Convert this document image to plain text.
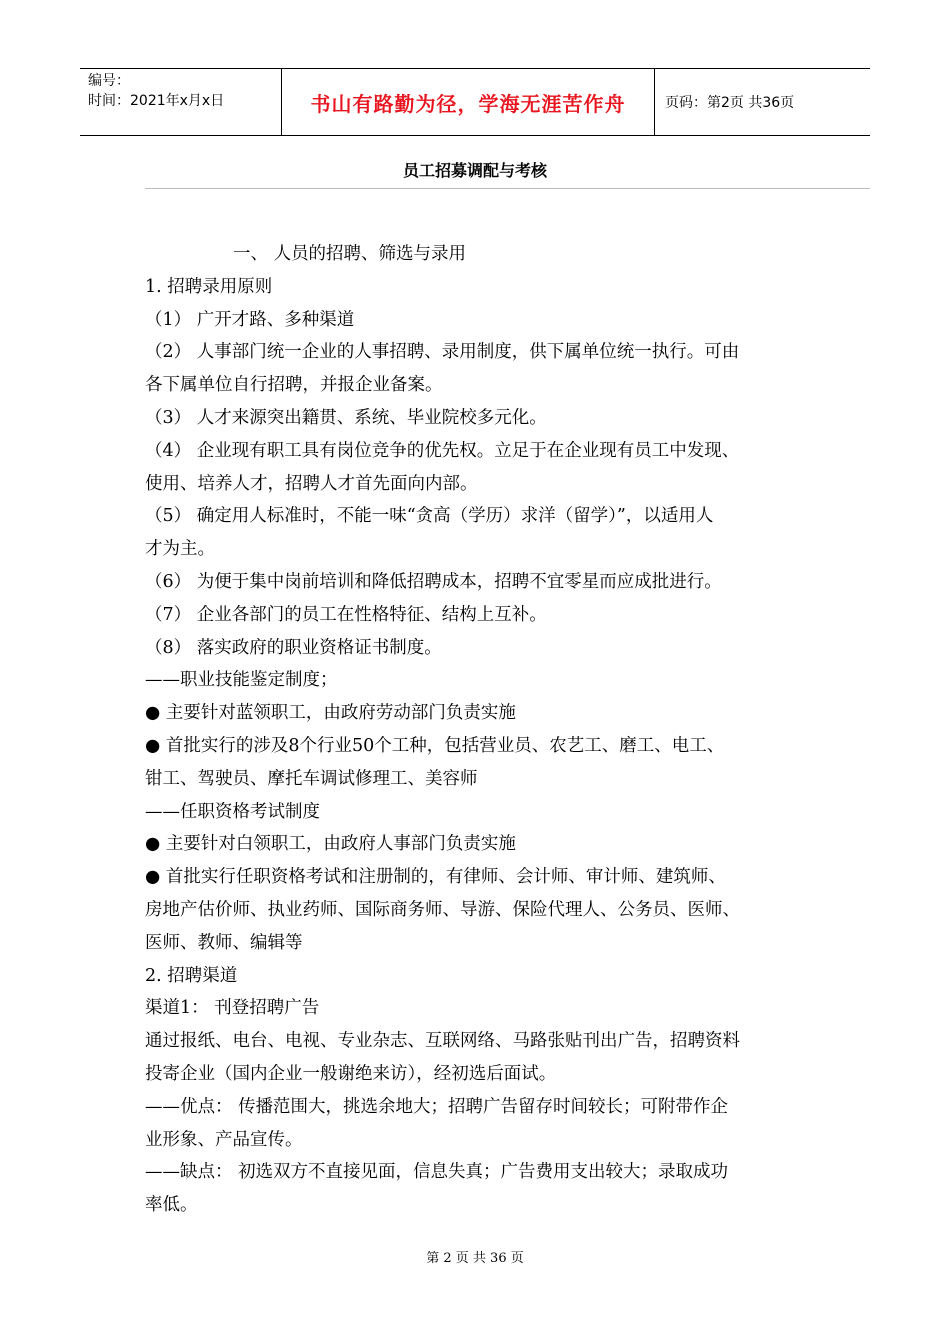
编号：
时间：2021年x月x日	书山有路勤为径，学海无涯苦作舟	页码：第2页 共36页
员工招募调配与考核
一、 人员的招聘、筛选与录用
1. 招聘录用原则
（1） 广开才路、多种渠道
（2） 人事部门统一企业的人事招聘、录用制度，供下属单位统一执行。可由
各下属单位自行招聘，并报企业备案。
（3） 人才来源突出籍贯、系统、毕业院校多元化。
（4） 企业现有职工具有岗位竞争的优先权。立足于在企业现有员工中发现、
使用、培养人才，招聘人才首先面向内部。
（5） 确定用人标准时，不能一味“贪高（学历）求洋（留学）”，以适用人
才为主。
（6） 为便于集中岗前培训和降低招聘成本，招聘不宜零星而应成批进行。
（7） 企业各部门的员工在性格特征、结构上互补。
（8） 落实政府的职业资格证书制度。
——职业技能鉴定制度；
● 主要针对蓝领职工，由政府劳动部门负责实施
● 首批实行的涉及8个行业50个工种，包括营业员、农艺工、磨工、电工、
钳工、驾驶员、摩托车调试修理工、美容师
——任职资格考试制度
● 主要针对白领职工，由政府人事部门负责实施
● 首批实行任职资格考试和注册制的，有律师、会计师、审计师、建筑师、
房地产估价师、执业药师、国际商务师、导游、保险代理人、公务员、医师、
医师、教师、编辑等
2. 招聘渠道
渠道1： 刊登招聘广告
通过报纸、电台、电视、专业杂志、互联网络、马路张贴刊出广告，招聘资料
投寄企业（国内企业一般谢绝来访），经初选后面试。
——优点： 传播范围大，挑选余地大；招聘广告留存时间较长；可附带作企
业形象、产品宣传。
——缺点： 初选双方不直接见面，信息失真；广告费用支出较大；录取成功
率低。
第 2 页 共 36 页
